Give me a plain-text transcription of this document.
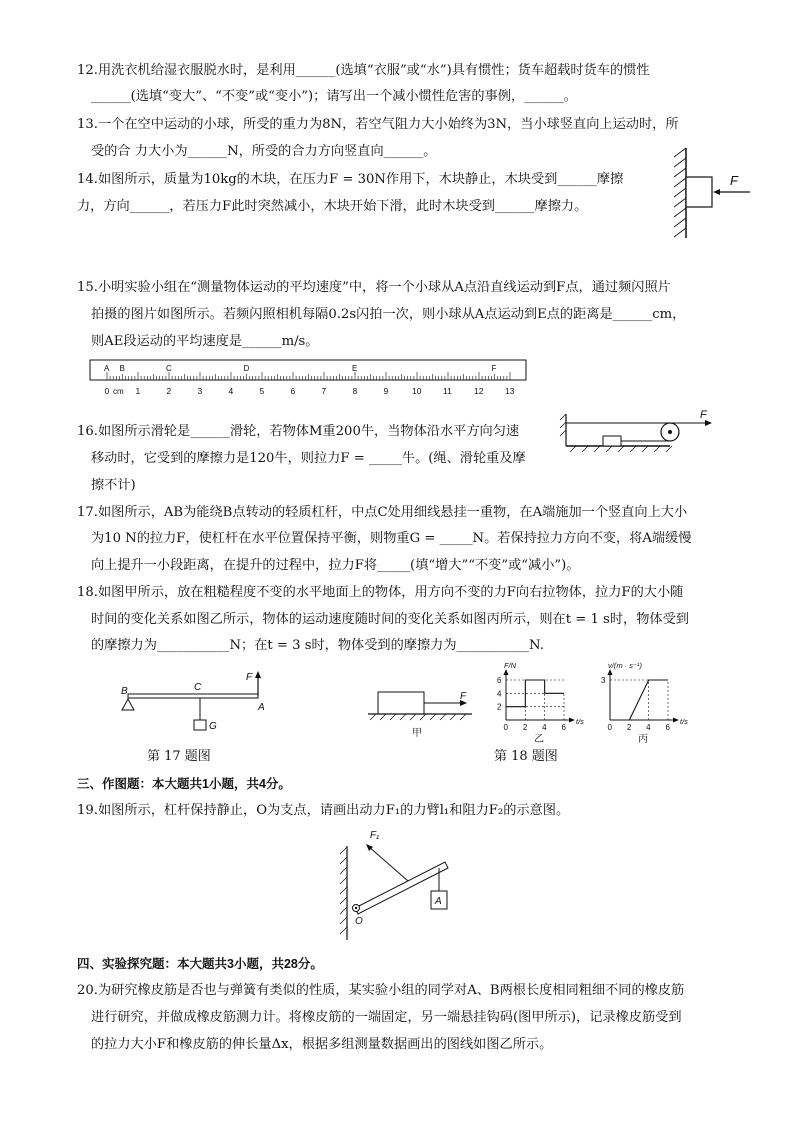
12.用洗衣机给湿衣服脱水时，是利用______(选填“衣服”或“水”)具有惯性；货车超载时货车的惯性
______(选填“变大”、“不变”或“变小”)；请写出一个减小惯性危害的事例，______。
13.一个在空中运动的小球，所受的重力为8N，若空气阻力大小始终为3N，当小球竖直向上运动时，所
受的合 力大小为______N，所受的合力方向竖直向______。
14.如图所示，质量为10kg的木块，在压力F = 30N作用下，木块静止，木块受到______摩擦
力，方向______，若压力F此时突然减小，木块开始下滑，此时木块受到______摩擦力。
F
15.小明实验小组在“测量物体运动的平均速度”中，将一个小球从A点沿直线运动到F点，通过频闪照片
拍摄的图片如图所示。若频闪照相机每隔0.2s闪拍一次，则小球从A点运动到E点的距离是______cm，
则AE段运动的平均速度是______m/s。
A B	C	D	E	F
0	1	2	3	4	5	6	7	8	9	10	11	12	13
cm
16.如图所示滑轮是______滑轮，若物体M重200牛，当物体沿水平方向匀速
移动时，它受到的摩擦力是120牛，则拉力F = _____牛。(绳、滑轮重及摩
擦不计)
F
17.如图所示，AB为能绕B点转动的轻质杠杆，中点C处用细线悬挂一重物，在A端施加一个竖直向上大小
为10 N的拉力F，使杠杆在水平位置保持平衡，则物重G = _____N。若保持拉力方向不变，将A端缓慢
向上提升一小段距离，在提升的过程中，拉力F将_____(填“增大”“不变”或“减小”)。
18.如图甲所示，放在粗糙程度不变的水平地面上的物体，用方向不变的力F向右拉物体，拉力F的大小随
时间的变化关系如图乙所示，物体的运动速度随时间的变化关系如图丙所示，则在t = 1 s时，物体受到
的摩擦力为___________N；在t = 3 s时，物体受到的摩擦力为___________N.
B	C
F
A
G
第 17 题图
F
甲
F/N
t/s
0 2 4 6
2
4
6
乙
v/(m · s⁻¹)
t/s
0 2 4 6
3
丙
第 18 题图
三、作图题：本大题共1小题，共4分。
19.如图所示，杠杆保持静止，O为支点，请画出动力F₁的力臂l₁和阻力F₂的示意图。
F₁
O
A
四、实验探究题：本大题共3小题，共28分。
20.为研究橡皮筋是否也与弹簧有类似的性质，某实验小组的同学对A、B两根长度相同粗细不同的橡皮筋
进行研究，并做成橡皮筋测力计。将橡皮筋的一端固定，另一端悬挂钩码(图甲所示)，记录橡皮筋受到
的拉力大小F和橡皮筋的伸长量Δx，根据多组测量数据画出的图线如图乙所示。
